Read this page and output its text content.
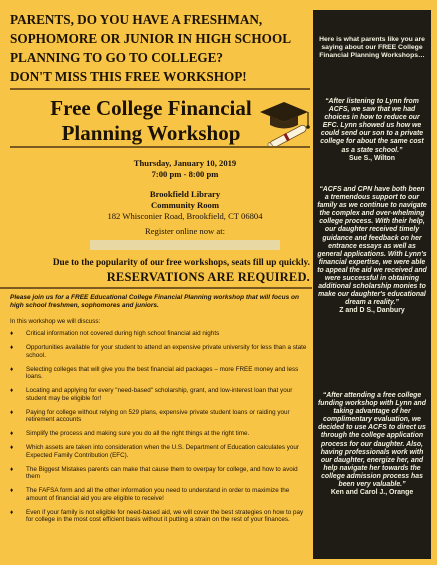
PARENTS, DO YOU HAVE A FRESHMAN,
SOPHOMORE OR JUNIOR IN HIGH SCHOOL
PLANNING TO GO TO COLLEGE?
DON'T MISS THIS FREE WORKSHOP!
Free College Financial
Planning Workshop
Thursday, January 10, 2019
7:00 pm - 8:00 pm
Brookfield Library
Community Room
182 Whisconier Road, Brookfield, CT 06804
Register online now at:
Due to the popularity of our free workshops, seats fill up quickly.
RESERVATIONS ARE REQUIRED.
Please join us for a FREE Educational College Financial Planning workshop that will focus on high school freshmen, sophomores and juniors.
In this workshop we will discuss:
♦ Critical information not covered during high school financial aid nights
♦ Opportunities available for your student to attend an expensive private university for less than a state school.
♦ Selecting colleges that will give you the best financial aid packages – more FREE money and less loans.
♦ Locating and applying for every "need-based" scholarship, grant, and low-interest loan that your student may be eligible for!
♦ Paying for college without relying on 529 plans, expensive private student loans or raiding your retirement accounts
♦ Simplify the process and making sure you do all the right things at the right time.
♦ Which assets are taken into consideration when the U.S. Department of Education calculates your Expected Family Contribution (EFC).
♦ The Biggest Mistakes parents can make that cause them to overpay for college, and how to avoid them
♦ The FAFSA form and all the other information you need to understand in order to maximize the amount of financial aid you are eligible to receive!
♦ Even if your family is not eligible for need-based aid, we will cover the best strategies on how to pay for college in the most cost efficient basis without it putting a strain on the rest of your finances.
Here is what parents like you are saying about our FREE College Financial Planning Workshops…
“After listening to Lynn from ACFS, we saw that we had choices in how to reduce our EFC. Lynn showed us how we could send our son to a private college for about the same cost as a state school.”
Sue S., Wilton
“ACFS and CPN have both been a tremendous support to our family as we continue to navigate the complex and over-whelming college process. With their help, our daughter received timely guidance and feedback on her entrance essays as well as general applications. With Lynn's financial expertise, we were able to appeal the aid we received and were successful in obtaining additional scholarship monies to make our daughter's educational dream a reality.”
Z and D S., Danbury
“After attending a free college funding workshop with Lynn and taking advantage of her complimentary evaluation, we decided to use ACFS to direct us through the college application process for our daughter. Also, having professionals work with our daughter, energize her, and help navigate her towards the college admission process has been very valuable.”
Ken and Carol J., Orange
